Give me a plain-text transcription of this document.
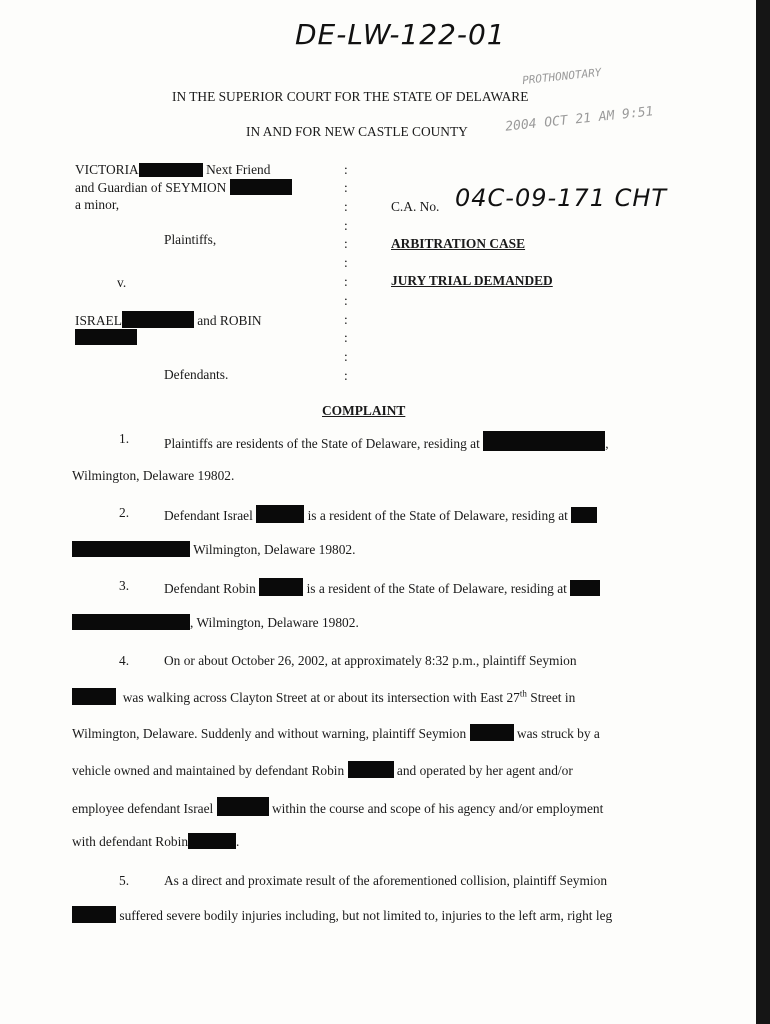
DE-LW-122-01
PROTHONOTARY
2004 OCT 21 AM 9:51
IN THE SUPERIOR COURT FOR THE STATE OF DELAWARE
IN AND FOR NEW CASTLE COUNTY
VICTORIA	Next Friend
and Guardian of SEYMION
a minor,
Plaintiffs,
v.
ISRAEL	and ROBIN
Defendants.
:
:
:
:
:
:
:
:
:
:
:
:
C.A. No. 04C-09-171 CHT
ARBITRATION CASE
JURY TRIAL DEMANDED
COMPLAINT
1.	Plaintiffs are residents of the State of Delaware, residing at	,
Wilmington, Delaware 19802.
2.	Defendant Israel	is a resident of the State of Delaware, residing at
Wilmington, Delaware 19802.
3.	Defendant Robin	is a resident of the State of Delaware, residing at
, Wilmington, Delaware 19802.
4.	On or about October 26, 2002, at approximately 8:32 p.m., plaintiff Seymion
was walking across Clayton Street at or about its intersection with East 27th Street in
Wilmington, Delaware. Suddenly and without warning, plaintiff Seymion	was struck by a
vehicle owned and maintained by defendant Robin	and operated by her agent and/or
employee defendant Israel	within the course and scope of his agency and/or employment
with defendant Robin	.
5.	As a direct and proximate result of the aforementioned collision, plaintiff Seymion
suffered severe bodily injuries including, but not limited to, injuries to the left arm, right leg
